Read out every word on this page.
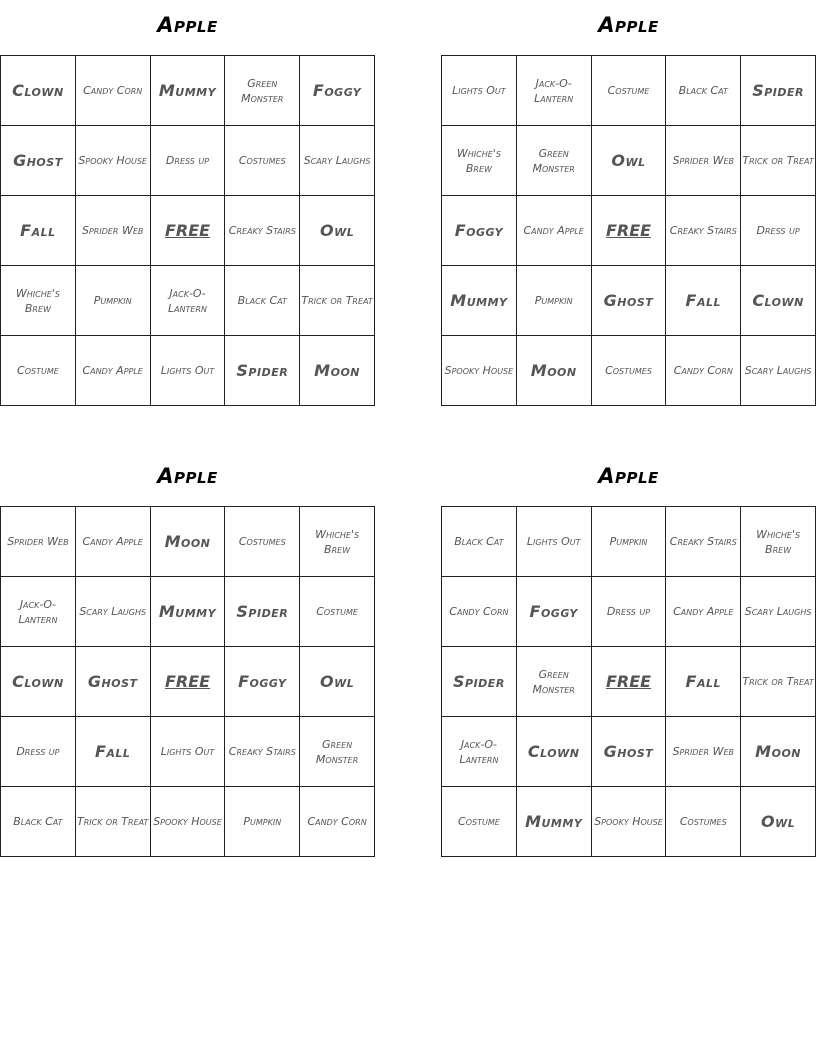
Apple
Clown	Candy Corn	Mummy	Green Monster	Foggy
Ghost	Spooky House	Dress up	Costumes	Scary Laughs
Fall	Sprider Web	FREE	Creaky Stairs	Owl
Whiche's Brew	Pumpkin	Jack-O-Lantern	Black Cat	Trick or Treat
Costume	Candy Apple	Lights Out	Spider	Moon
Apple
Lights Out	Jack-O-Lantern	Costume	Black Cat	Spider
Whiche's Brew	Green Monster	Owl	Sprider Web	Trick or Treat
Foggy	Candy Apple	FREE	Creaky Stairs	Dress up
Mummy	Pumpkin	Ghost	Fall	Clown
Spooky House	Moon	Costumes	Candy Corn	Scary Laughs
Apple
Sprider Web	Candy Apple	Moon	Costumes	Whiche's Brew
Jack-O-Lantern	Scary Laughs	Mummy	Spider	Costume
Clown	Ghost	FREE	Foggy	Owl
Dress up	Fall	Lights Out	Creaky Stairs	Green Monster
Black Cat	Trick or Treat	Spooky House	Pumpkin	Candy Corn
Apple
Black Cat	Lights Out	Pumpkin	Creaky Stairs	Whiche's Brew
Candy Corn	Foggy	Dress up	Candy Apple	Scary Laughs
Spider	Green Monster	FREE	Fall	Trick or Treat
Jack-O-Lantern	Clown	Ghost	Sprider Web	Moon
Costume	Mummy	Spooky House	Costumes	Owl
